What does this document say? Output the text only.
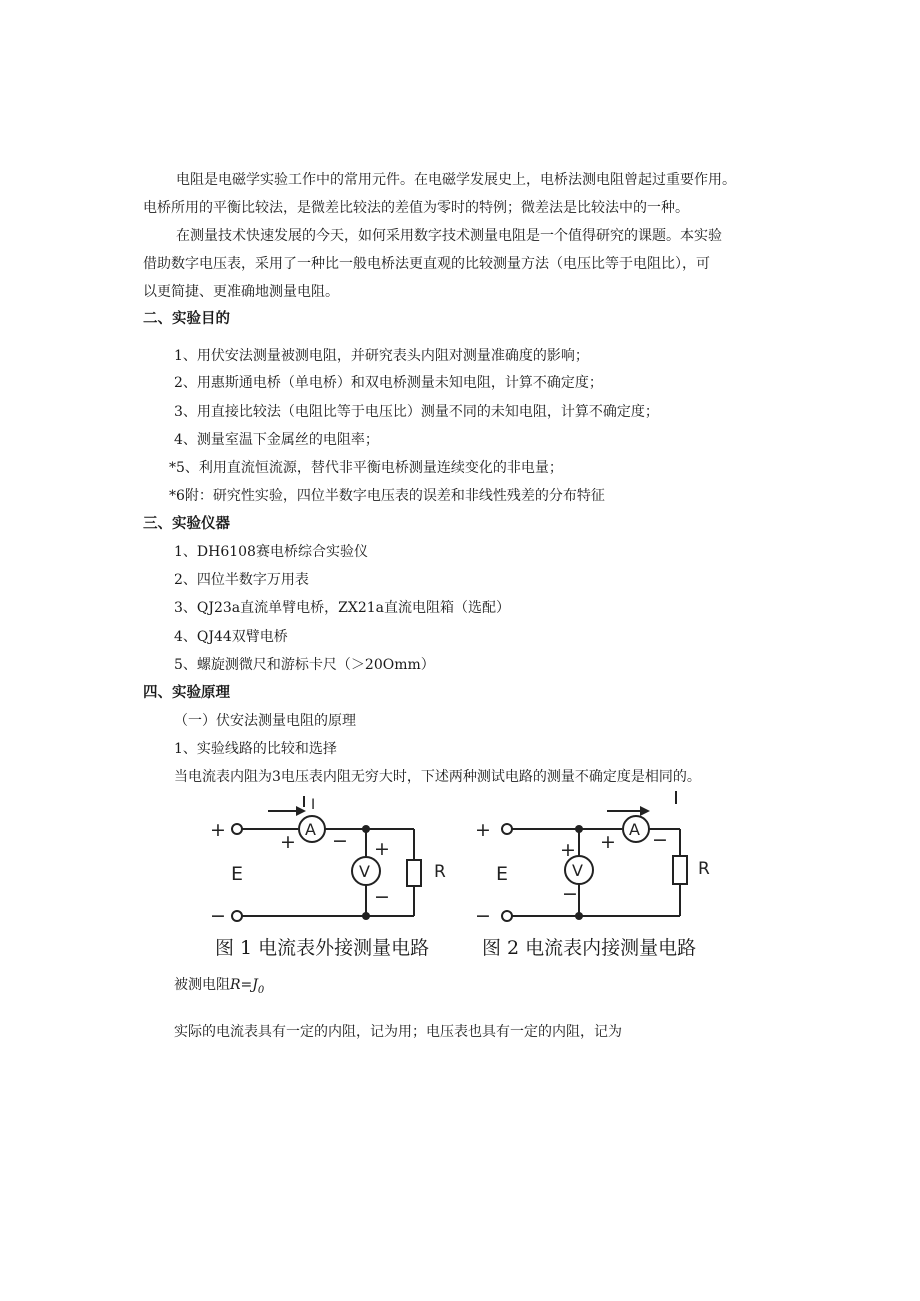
电阻是电磁学实验工作中的常用元件。在电磁学发展史上，电桥法测电阻曾起过重要作用。
电桥所用的平衡比较法，是微差比较法的差值为零时的特例；微差法是比较法中的一种。
在测量技术快速发展的今天，如何采用数字技术测量电阻是一个值得研究的课题。本实验
借助数字电压表，采用了一种比一般电桥法更直观的比较测量方法（电压比等于电阻比），可
以更简捷、更准确地测量电阻。
二、实验目的
1、用伏安法测量被测电阻，并研究表头内阻对测量准确度的影响；
2、用惠斯通电桥（单电桥）和双电桥测量未知电阻，计算不确定度；
3、用直接比较法（电阻比等于电压比）测量不同的未知电阻，计算不确定度；
4、测量室温下金属丝的电阻率；
*5、利用直流恒流源，替代非平衡电桥测量连续变化的非电量；
*6附：研究性实验，四位半数字电压表的误差和非线性残差的分布特征
三、实验仪器
1、DH6108赛电桥综合实验仪
2、四位半数字万用表
3、QJ23a直流单臂电桥，ZX21a直流电阻箱（选配）
4、QJ44双臂电桥
5、螺旋测微尺和游标卡尺（＞20Omm）
四、实验原理
（一）伏安法测量电阻的原理
1、实验线路的比较和选择
当电流表内阻为3电压表内阻无穷大时，下述两种测试电路的测量不确定度是相同的。
+
−
E
I
+ −
A
+
−
V	R
+
−
E
I
+ −
A
+
−
V	R
图 1 电流表外接测量电路	图 2 电流表内接测量电路
被测电阻$R=J_0$
实际的电流表具有一定的内阻，记为用；电压表也具有一定的内阻，记为
